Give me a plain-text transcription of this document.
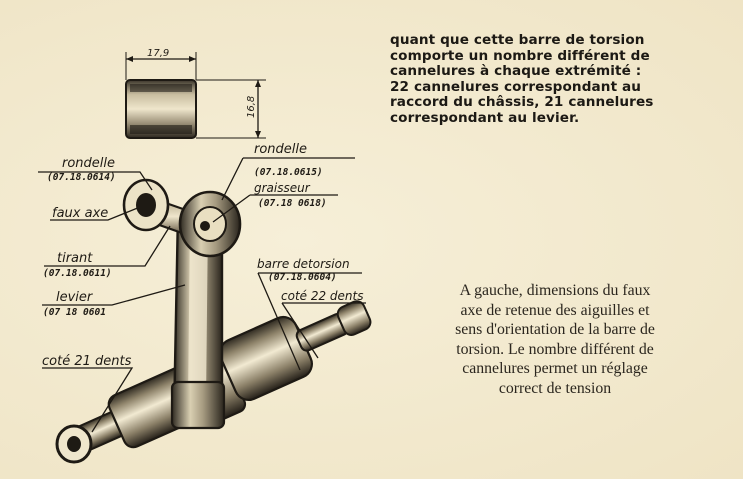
17,9
16,8
rondelle
(07.18.0614)
rondelle
(07.18.0615)
graisseur
(07.18 0618)
faux axe
tirant
(07.18.0611)
barre detorsion
(07.18.0604)
levier
(07 18 0601
coté 22 dents
coté 21 dents
quant que cette barre de torsion
comporte un nombre différent de
cannelures à chaque extrémité :
22 cannelures correspondant au
raccord du châssis, 21 cannelures
correspondant au levier.
A gauche, dimensions du faux
axe de retenue des aiguilles et
sens d'orientation de la barre de
torsion. Le nombre différent de
cannelures permet un réglage
correct de tension
